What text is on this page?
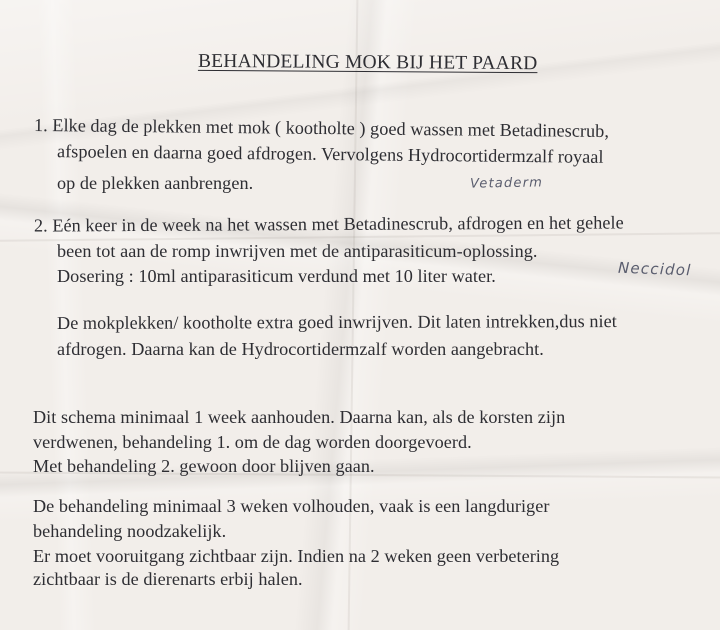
BEHANDELING MOK BIJ HET PAARD
1. Elke dag de plekken met mok ( kootholte ) goed wassen met Betadinescrub,
afspoelen en daarna goed afdrogen. Vervolgens Hydrocortidermzalf royaal
op de plekken aanbrengen.	Vetaderm
2. Eén keer in de week na het wassen met Betadinescrub, afdrogen en het gehele
been tot aan de romp inwrijven met de antiparasiticum-oplossing.
Dosering : 10ml antiparasiticum verdund met 10 liter water.	Neccidol
De mokplekken/ kootholte extra goed inwrijven. Dit laten intrekken,dus niet
afdrogen. Daarna kan de Hydrocortidermzalf worden aangebracht.
Dit schema minimaal 1 week aanhouden. Daarna kan, als de korsten zijn
verdwenen, behandeling 1. om de dag worden doorgevoerd.
Met behandeling 2. gewoon door blijven gaan.
De behandeling minimaal 3 weken volhouden, vaak is een langduriger
behandeling noodzakelijk.
Er moet vooruitgang zichtbaar zijn. Indien na 2 weken geen verbetering
zichtbaar is de dierenarts erbij halen.
